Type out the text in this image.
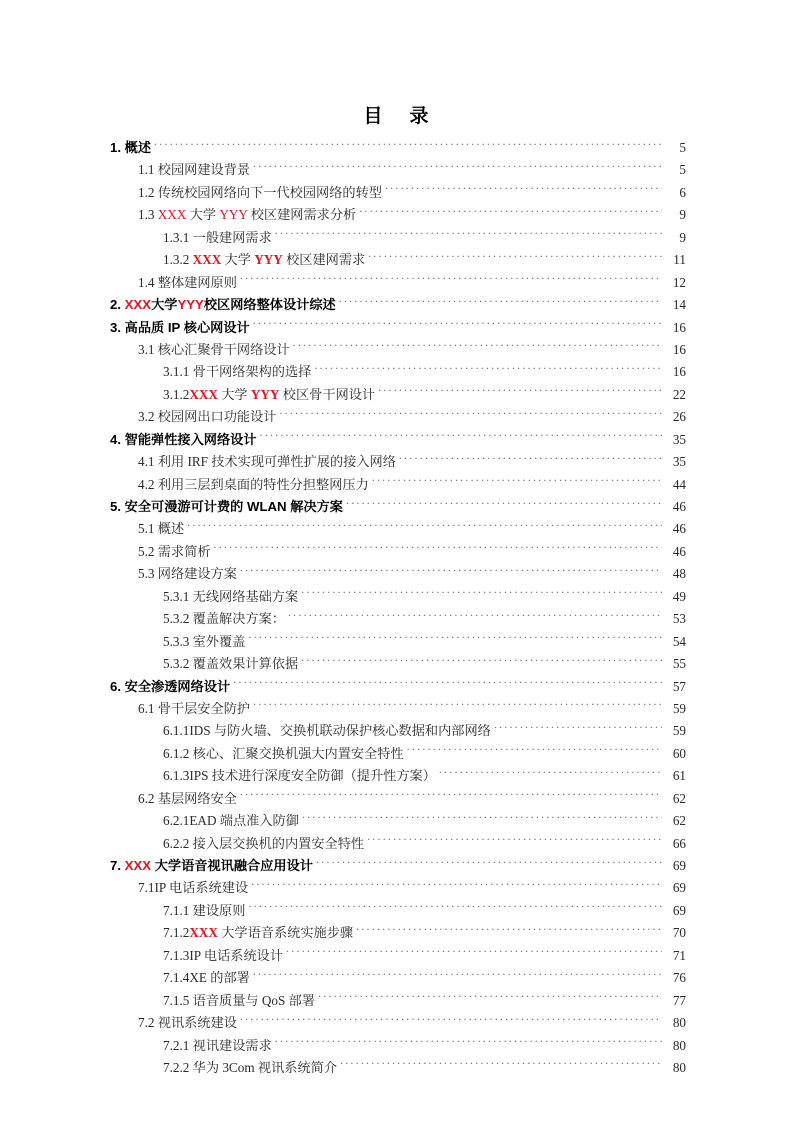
目 录
1. 概述 . . .	5
1.1 校园网建设背景 . . .	5
1.2 传统校园网络向下一代校园网络的转型 . . .	6
1.3 XXX 大学 YYY 校区建网需求分析 . . .	9
1.3.1 一般建网需求 . . .	9
1.3.2 XXX 大学 YYY 校区建网需求 . . .	11
1.4 整体建网原则 . . .	12
2. XXX大学YYY校区网络整体设计综述 . . .	14
3. 高品质 IP 核心网设计 . . .	16
3.1 核心汇聚骨干网络设计 . . .	16
3.1.1 骨干网络架构的选择 . . .	16
3.1.2XXX 大学 YYY 校区骨干网设计 . . .	22
3.2 校园网出口功能设计 . . .	26
4. 智能弹性接入网络设计 . . .	35
4.1 利用 IRF 技术实现可弹性扩展的接入网络 . . .	35
4.2 利用三层到桌面的特性分担整网压力 . . .	44
5. 安全可漫游可计费的 WLAN 解决方案 . . .	46
5.1 概述 . . .	46
5.2 需求简析 . . .	46
5.3 网络建设方案 . . .	48
5.3.1 无线网络基础方案 . . .	49
5.3.2 覆盖解决方案： . . .	53
5.3.3 室外覆盖 . . .	54
5.3.2 覆盖效果计算依据 . . .	55
6. 安全渗透网络设计 . . .	57
6.1 骨干层安全防护 . . .	59
6.1.1IDS 与防火墙、交换机联动保护核心数据和内部网络 . . .	59
6.1.2 核心、汇聚交换机强大内置安全特性 . . .	60
6.1.3IPS 技术进行深度安全防御（提升性方案） . . .	61
6.2 基层网络安全 . . .	62
6.2.1EAD 端点准入防御 . . .	62
6.2.2 接入层交换机的内置安全特性 . . .	66
7. XXX 大学语音视讯融合应用设计 . . .	69
7.1IP 电话系统建设 . . .	69
7.1.1 建设原则 . . .	69
7.1.2XXX 大学语音系统实施步骤 . . .	70
7.1.3IP 电话系统设计 . . .	71
7.1.4XE 的部署 . . .	76
7.1.5 语音质量与 QoS 部署 . . .	77
7.2 视讯系统建设 . . .	80
7.2.1 视讯建设需求 . . .	80
7.2.2 华为 3Com 视讯系统简介 . . .	80
